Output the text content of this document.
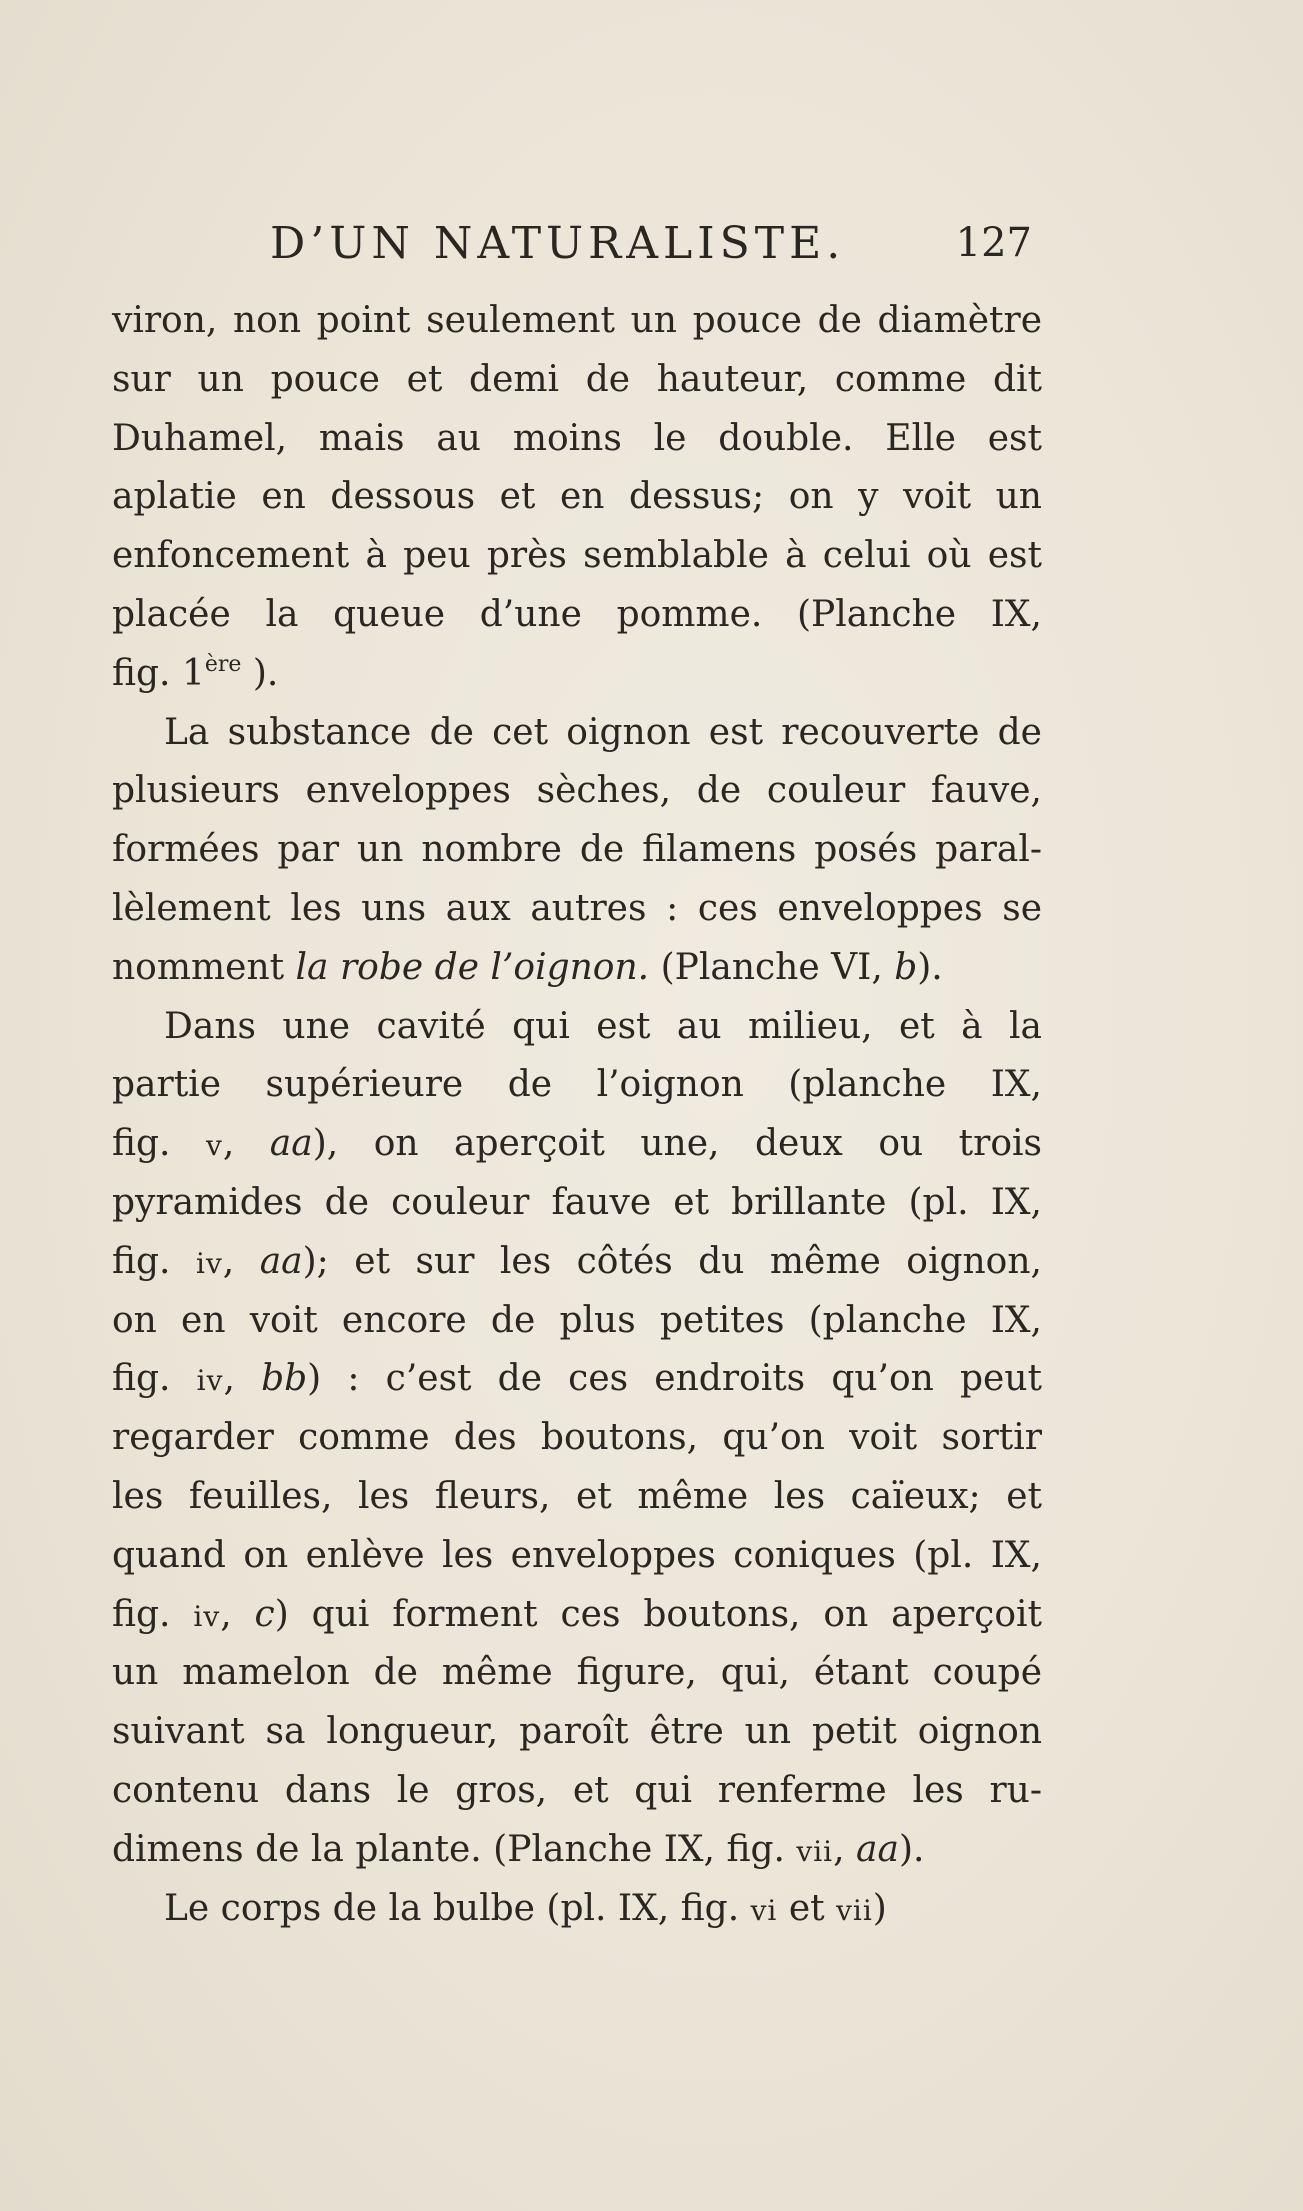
D’UN NATURALISTE.	127
viron, non point seulement un pouce de diamètre
sur un pouce et demi de hauteur, comme dit
Duhamel, mais au moins le double. Elle est
aplatie en dessous et en dessus; on y voit un
enfoncement à peu près semblable à celui où est
placée la queue d’une pomme. (Planche IX,
fig. 1ère ).
La substance de cet oignon est recouverte de
plusieurs enveloppes sèches, de couleur fauve,
formées par un nombre de filamens posés paral-
lèlement les uns aux autres : ces enveloppes se
nomment la robe de l’oignon. (Planche VI, b).
Dans une cavité qui est au milieu, et à la
partie supérieure de l’oignon (planche IX,
fig. v, aa), on aperçoit une, deux ou trois
pyramides de couleur fauve et brillante (pl. IX,
fig. iv, aa); et sur les côtés du même oignon,
on en voit encore de plus petites (planche IX,
fig. iv, bb) : c’est de ces endroits qu’on peut
regarder comme des boutons, qu’on voit sortir
les feuilles, les fleurs, et même les caïeux; et
quand on enlève les enveloppes coniques (pl. IX,
fig. iv, c) qui forment ces boutons, on aperçoit
un mamelon de même figure, qui, étant coupé
suivant sa longueur, paroît être un petit oignon
contenu dans le gros, et qui renferme les ru-
dimens de la plante. (Planche IX, fig. vii, aa).
Le corps de la bulbe (pl. IX, fig. vi et vii)
